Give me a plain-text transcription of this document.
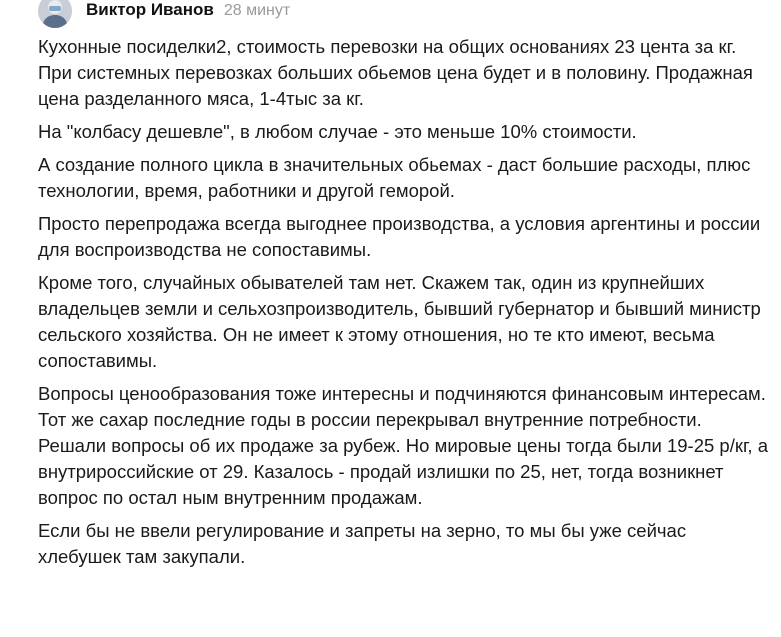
Виктор Иванов 28 минут

Кухонные посиделки2, стоимость перевозки на общих основаниях 23 цента за кг. При системных перевозках больших обьемов цена будет и в половину. Продажная цена разделанного мяса, 1-4тыс за кг.

На "колбасу дешевле", в любом случае - это меньше 10% стоимости.

А создание полного цикла в значительных обьемах - даст большие расходы, плюс технологии, время, работники и другой геморой.

Просто перепродажа всегда выгоднее производства, а условия аргентины и россии для воспроизводства не сопоставимы.

Кроме того, случайных обывателей там нет. Скажем так, один из крупнейших владельцев земли и сельхозпроизводитель, бывший губернатор и бывший министр сельского хозяйства. Он не имеет к этому отношения, но те кто имеют, весьма сопоставимы.

Вопросы ценообразования тоже интересны и подчиняются финансовым интересам. Тот же сахар последние годы в россии перекрывал внутренние потребности. Решали вопросы об их продаже за рубеж. Но мировые цены тогда были 19-25 р/кг, а внутрироссийские от 29. Казалось - продай излишки по 25, нет, тогда возникнет вопрос по остал ным внутренним продажам.

Если бы не ввели регулирование и запреты на зерно, то мы бы уже сейчас хлебушек там закупали.
